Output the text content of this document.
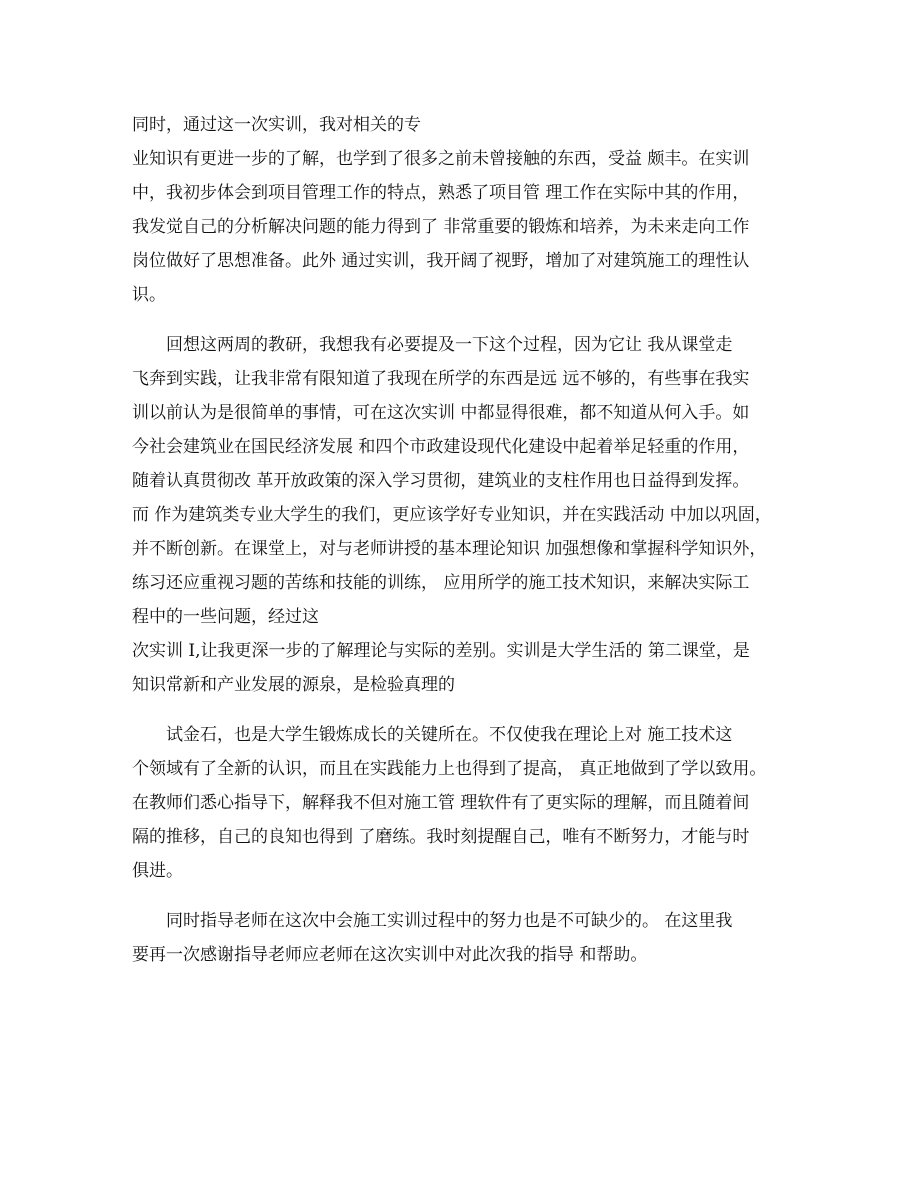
同时，通过这一次实训，我对相关的专
业知识有更进一步的了解，也学到了很多之前未曾接触的东西，受益 颇丰。在实训
中，我初步体会到项目管理工作的特点，熟悉了项目管 理工作在实际中其的作用，
我发觉自己的分析解决问题的能力得到了 非常重要的锻炼和培养，为未来走向工作
岗位做好了思想准备。此外 通过实训，我开阔了视野，增加了对建筑施工的理性认
识。

回想这两周的教研，我想我有必要提及一下这个过程，因为它让 我从课堂走
飞奔到实践，让我非常有限知道了我现在所学的东西是远 远不够的，有些事在我实
训以前认为是很简单的事情，可在这次实训 中都显得很难，都不知道从何入手。如
今社会建筑业在国民经济发展 和四个市政建设现代化建设中起着举足轻重的作用，
随着认真贯彻改 革开放政策的深入学习贯彻，建筑业的支柱作用也日益得到发挥。
而 作为建筑类专业大学生的我们，更应该学好专业知识，并在实践活动 中加以巩固，
并不断创新。在课堂上，对与老师讲授的基本理论知识 加强想像和掌握科学知识外，
练习还应重视习题的苦练和技能的训练， 应用所学的施工技术知识，来解决实际工
程中的一些问题，经过这

次实训 I,让我更深一步的了解理论与实际的差别。实训是大学生活的 第二课堂，是
知识常新和产业发展的源泉，是检验真理的

试金石，也是大学生锻炼成长的关键所在。不仅使我在理论上对 施工技术这
个领域有了全新的认识，而且在实践能力上也得到了提高， 真正地做到了学以致用。
在教师们悉心指导下，解释我不但对施工管 理软件有了更实际的理解，而且随着间
隔的推移，自己的良知也得到 了磨练。我时刻提醒自己，唯有不断努力，才能与时
俱进。

同时指导老师在这次中会施工实训过程中的努力也是不可缺少的。 在这里我
要再一次感谢指导老师应老师在这次实训中对此次我的指导 和帮助。
